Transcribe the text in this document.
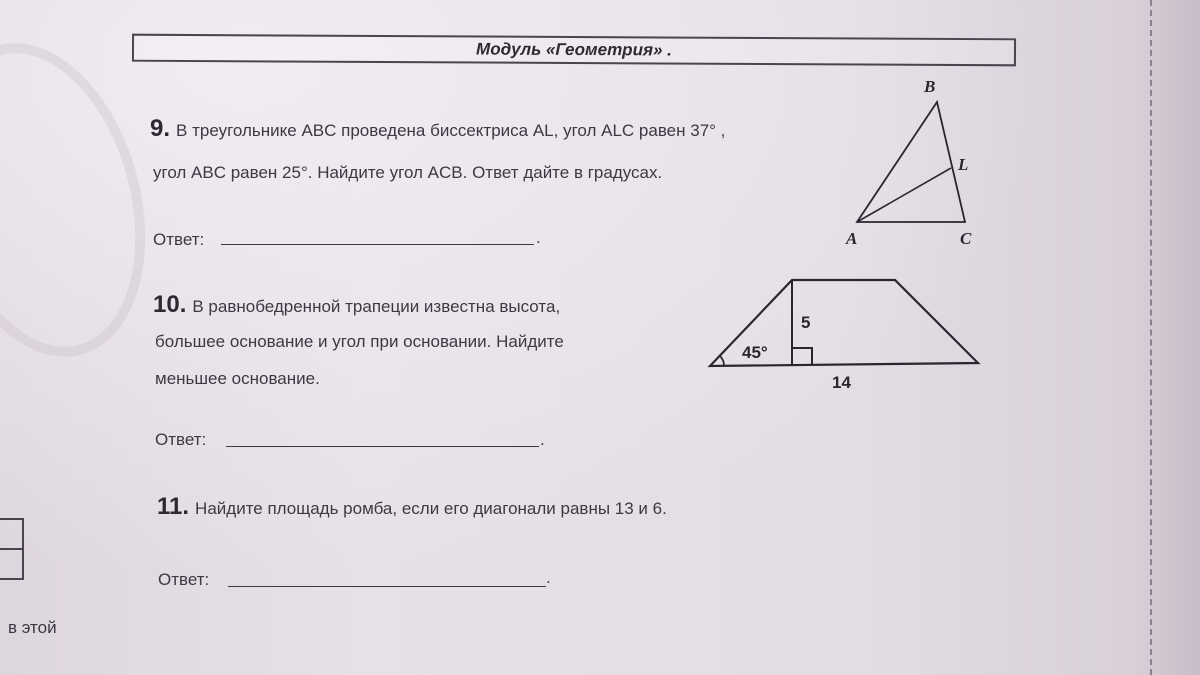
Модуль «Геометрия» .
9. В треугольнике ABC проведена биссектриса AL, угол ALC равен 37° ,
угол ABC равен 25°. Найдите угол ACB. Ответ дайте в градусах.
Ответ:	.
B
L
A	C
10. В равнобедренной трапеции известна высота,
большее основание и угол при основании. Найдите
меньшее основание.
Ответ:	.
45°
5
14
11. Найдите площадь ромба, если его диагонали равны 13 и 6.
Ответ:	.
в этой
